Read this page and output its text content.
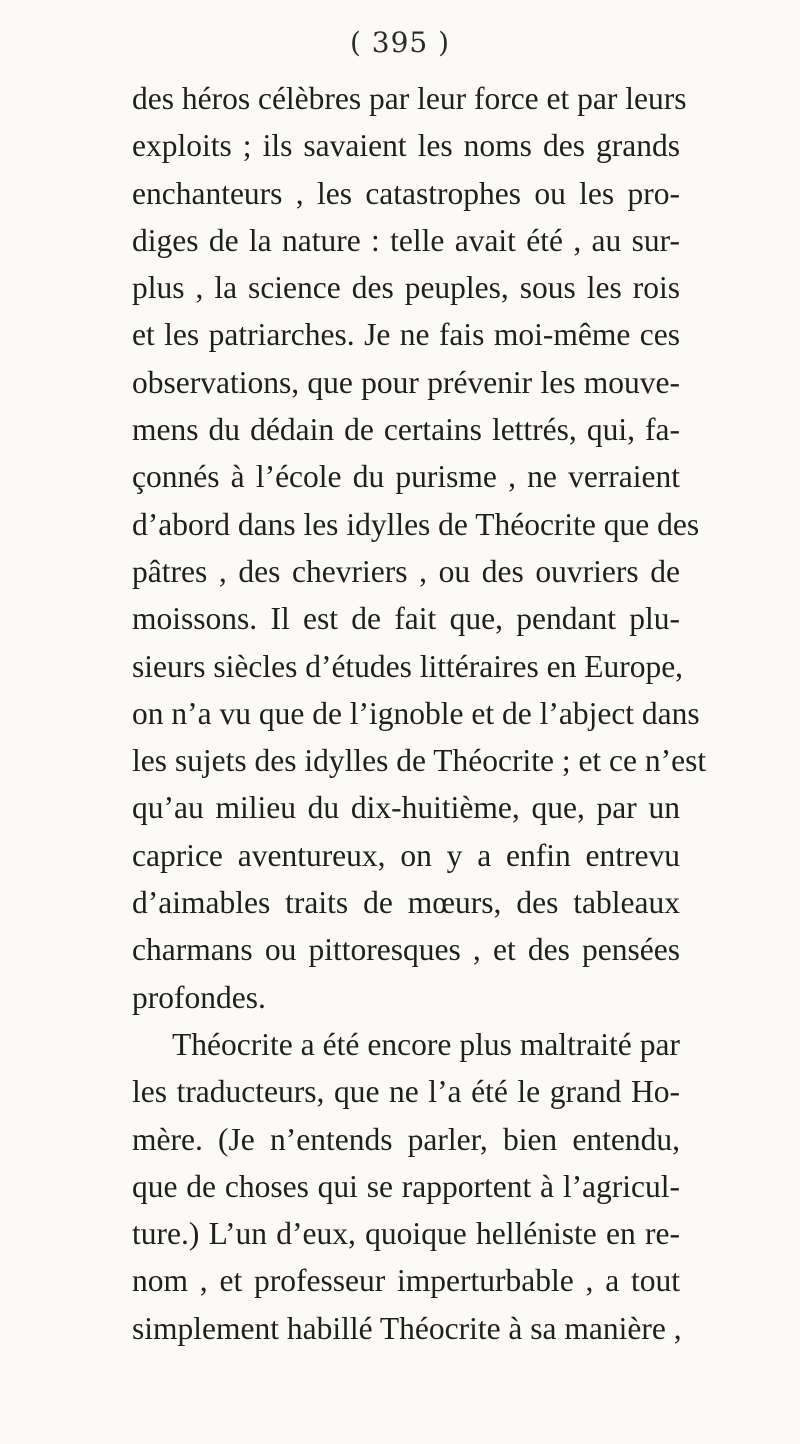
( 395 )
des héros célèbres par leur force et par leurs
exploits ; ils savaient les noms des grands
enchanteurs , les catastrophes ou les pro-
diges de la nature : telle avait été , au sur-
plus , la science des peuples, sous les rois
et les patriarches. Je ne fais moi-même ces
observations, que pour prévenir les mouve-
mens du dédain de certains lettrés, qui, fa-
çonnés à l’école du purisme , ne verraient
d’abord dans les idylles de Théocrite que des
pâtres , des chevriers , ou des ouvriers de
moissons. Il est de fait que, pendant plu-
sieurs siècles d’études littéraires en Europe,
on n’a vu que de l’ignoble et de l’abject dans
les sujets des idylles de Théocrite ; et ce n’est
qu’au milieu du dix-huitième, que, par un
caprice aventureux, on y a enfin entrevu
d’aimables traits de mœurs, des tableaux
charmans ou pittoresques , et des pensées
profondes.
Théocrite a été encore plus maltraité par
les traducteurs, que ne l’a été le grand Ho-
mère. (Je n’entends parler, bien entendu,
que de choses qui se rapportent à l’agricul-
ture.) L’un d’eux, quoique helléniste en re-
nom , et professeur imperturbable , a tout
simplement habillé Théocrite à sa manière ,
